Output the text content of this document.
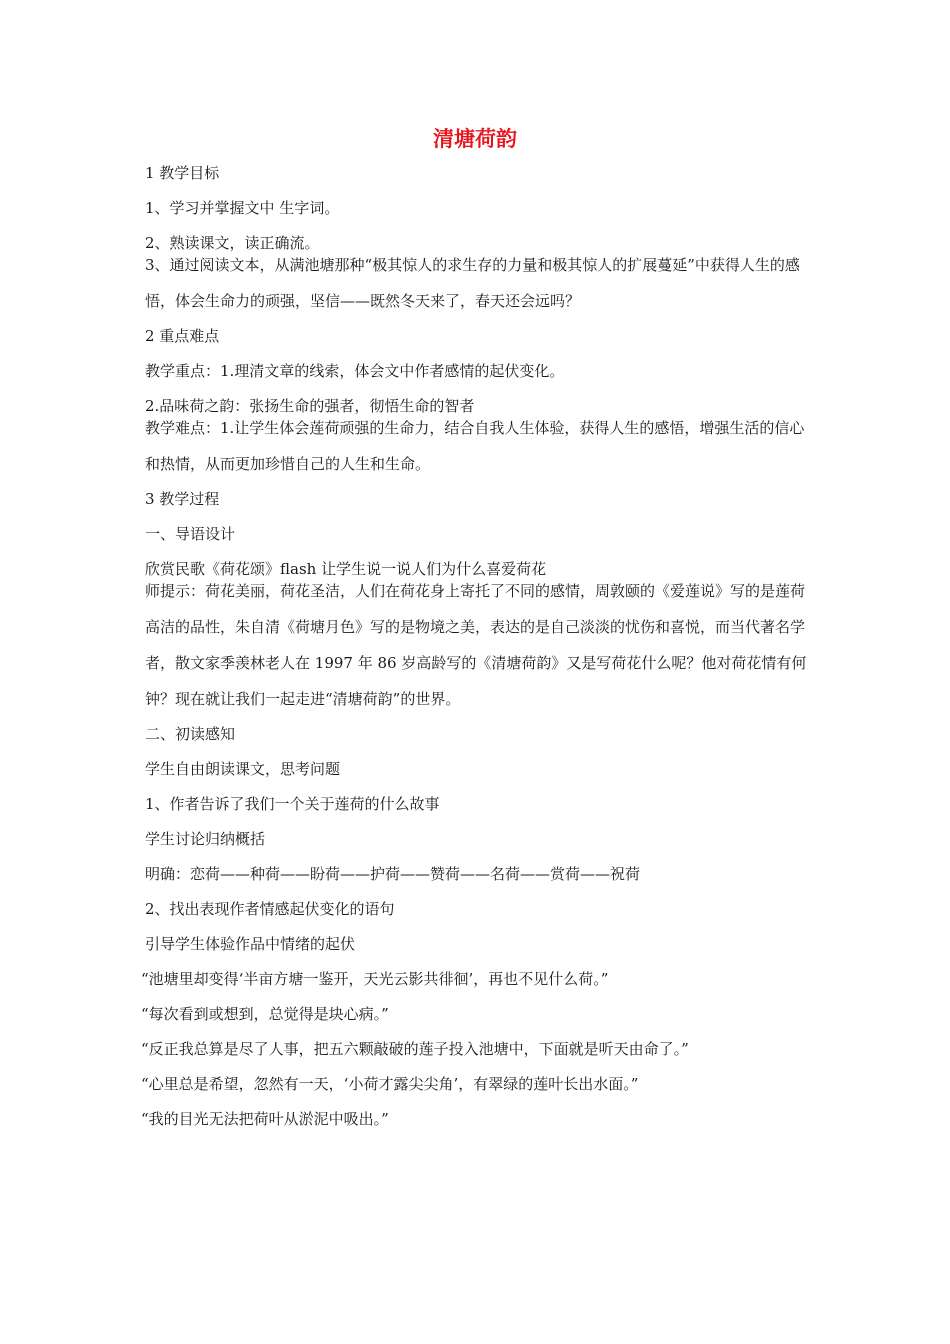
清塘荷韵

1 教学目标

1、学习并掌握文中 生字词。

2、熟读课文，读正确流。

3、通过阅读文本，从满池塘那种“极其惊人的求生存的力量和极其惊人的扩展蔓延”中获得人生的感悟，体会生命力的顽强，坚信——既然冬天来了，春天还会远吗？

2 重点难点

教学重点：1.理清文章的线索，体会文中作者感情的起伏变化。

2.品味荷之韵：张扬生命的强者，彻悟生命的智者

教学难点：1.让学生体会莲荷顽强的生命力，结合自我人生体验，获得人生的感悟，增强生活的信心和热情，从而更加珍惜自己的人生和生命。

3 教学过程

一、导语设计

欣赏民歌《荷花颂》flash 让学生说一说人们为什么喜爱荷花

师提示：荷花美丽，荷花圣洁，人们在荷花身上寄托了不同的感情，周敦颐的《爱莲说》写的是莲荷高洁的品性，朱自清《荷塘月色》写的是物境之美，表达的是自己淡淡的忧伤和喜悦，而当代著名学者，散文家季羡林老人在 1997 年 86 岁高龄写的《清塘荷韵》又是写荷花什么呢？他对荷花情有何钟？现在就让我们一起走进“清塘荷韵”的世界。

二、初读感知

学生自由朗读课文，思考问题

1、作者告诉了我们一个关于莲荷的什么故事

学生讨论归纳概括

明确：恋荷——种荷——盼荷——护荷——赞荷——名荷——赏荷——祝荷

2、找出表现作者情感起伏变化的语句

引导学生体验作品中情绪的起伏

“池塘里却变得‘半亩方塘一鉴开，天光云影共徘徊’，再也不见什么荷。”

“每次看到或想到，总觉得是块心病。”

“反正我总算是尽了人事，把五六颗敲破的莲子投入池塘中，下面就是听天由命了。”

“心里总是希望，忽然有一天，‘小荷才露尖尖角’，有翠绿的莲叶长出水面。”

“我的目光无法把荷叶从淤泥中吸出。”
